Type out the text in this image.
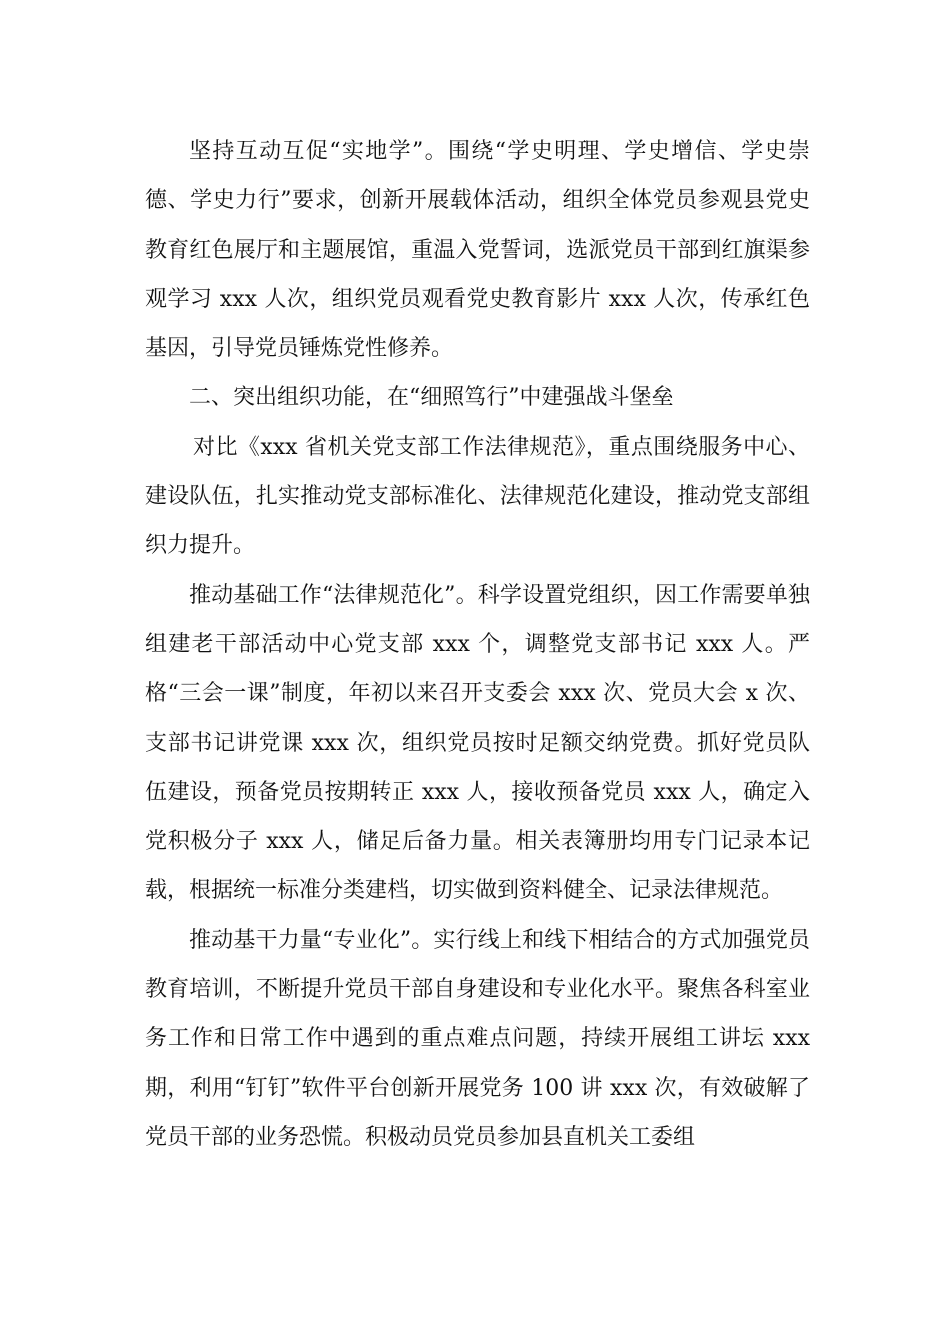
坚持互动互促“实地学”。围绕“学史明理、学史增信、学史崇德、学史力行”要求，创新开展载体活动，组织全体党员参观县党史教育红色展厅和主题展馆，重温入党誓词，选派党员干部到红旗渠参观学习 xxx 人次，组织党员观看党史教育影片 xxx 人次，传承红色基因，引导党员锤炼党性修养。

二、突出组织功能，在“细照笃行”中建强战斗堡垒

对比《xxx 省机关党支部工作法律规范》，重点围绕服务中心、建设队伍，扎实推动党支部标准化、法律规范化建设，推动党支部组织力提升。

推动基础工作“法律规范化”。科学设置党组织，因工作需要单独组建老干部活动中心党支部 xxx 个，调整党支部书记 xxx 人。严格“三会一课”制度，年初以来召开支委会 xxx 次、党员大会 x 次、支部书记讲党课 xxx 次，组织党员按时足额交纳党费。抓好党员队伍建设，预备党员按期转正 xxx 人，接收预备党员 xxx 人，确定入党积极分子 xxx 人，储足后备力量。相关表簿册均用专门记录本记载，根据统一标准分类建档，切实做到资料健全、记录法律规范。

推动基干力量“专业化”。实行线上和线下相结合的方式加强党员教育培训，不断提升党员干部自身建设和专业化水平。聚焦各科室业务工作和日常工作中遇到的重点难点问题，持续开展组工讲坛 xxx 期，利用“钉钉”软件平台创新开展党务 100 讲 xxx 次，有效破解了党员干部的业务恐慌。积极动员党员参加县直机关工委组
